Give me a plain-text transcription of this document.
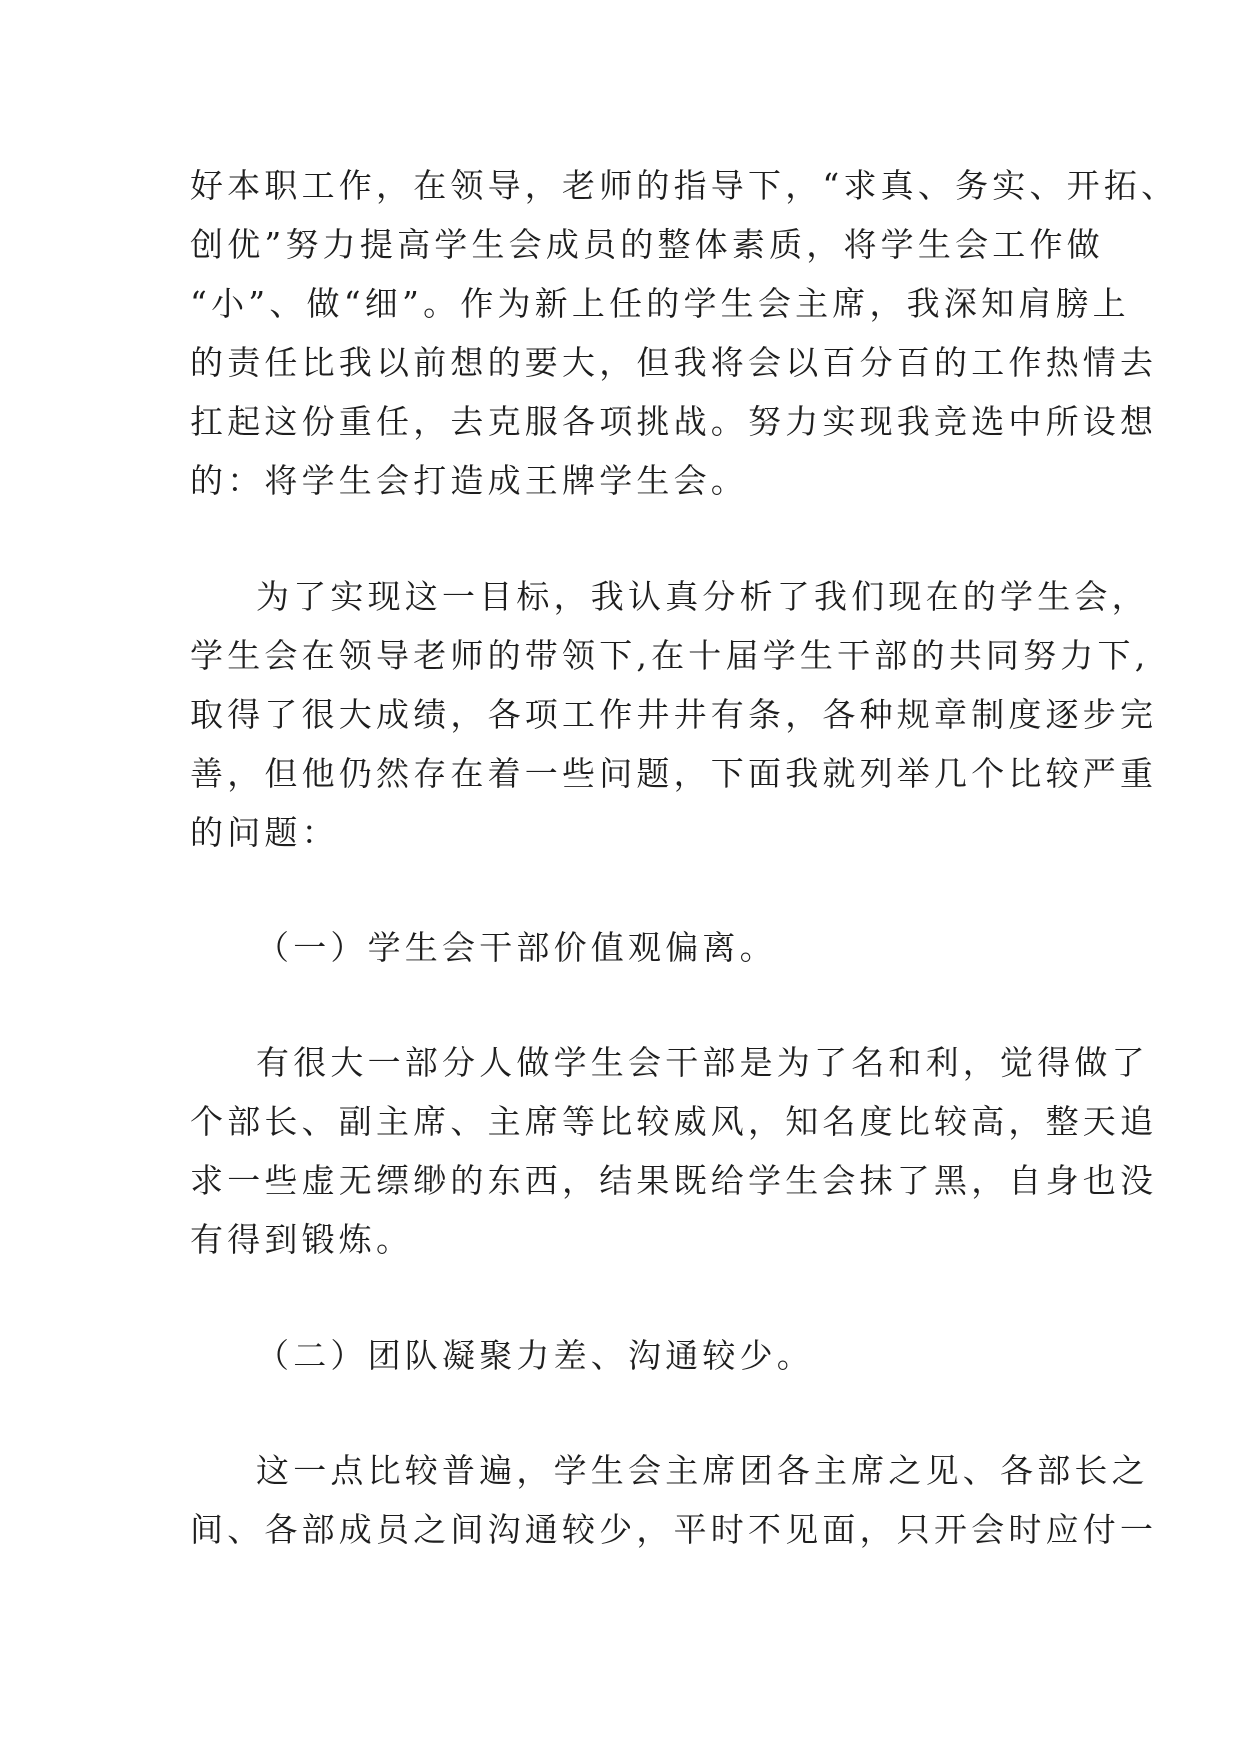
好本职工作，在领导，老师的指导下，“求真、务实、开拓、
创优”努力提高学生会成员的整体素质，将学生会工作做
“小”、做“细”。作为新上任的学生会主席，我深知肩膀上
的责任比我以前想的要大，但我将会以百分百的工作热情去
扛起这份重任，去克服各项挑战。努力实现我竞选中所设想
的：将学生会打造成王牌学生会。
为了实现这一目标，我认真分析了我们现在的学生会，
学生会在领导老师的带领下,在十届学生干部的共同努力下,
取得了很大成绩，各项工作井井有条，各种规章制度逐步完
善，但他仍然存在着一些问题，下面我就列举几个比较严重
的问题：
（一）学生会干部价值观偏离。
有很大一部分人做学生会干部是为了名和利，觉得做了
个部长、副主席、主席等比较威风，知名度比较高，整天追
求一些虚无缥缈的东西，结果既给学生会抹了黑，自身也没
有得到锻炼。
（二）团队凝聚力差、沟通较少。
这一点比较普遍，学生会主席团各主席之见、各部长之
间、各部成员之间沟通较少，平时不见面，只开会时应付一
